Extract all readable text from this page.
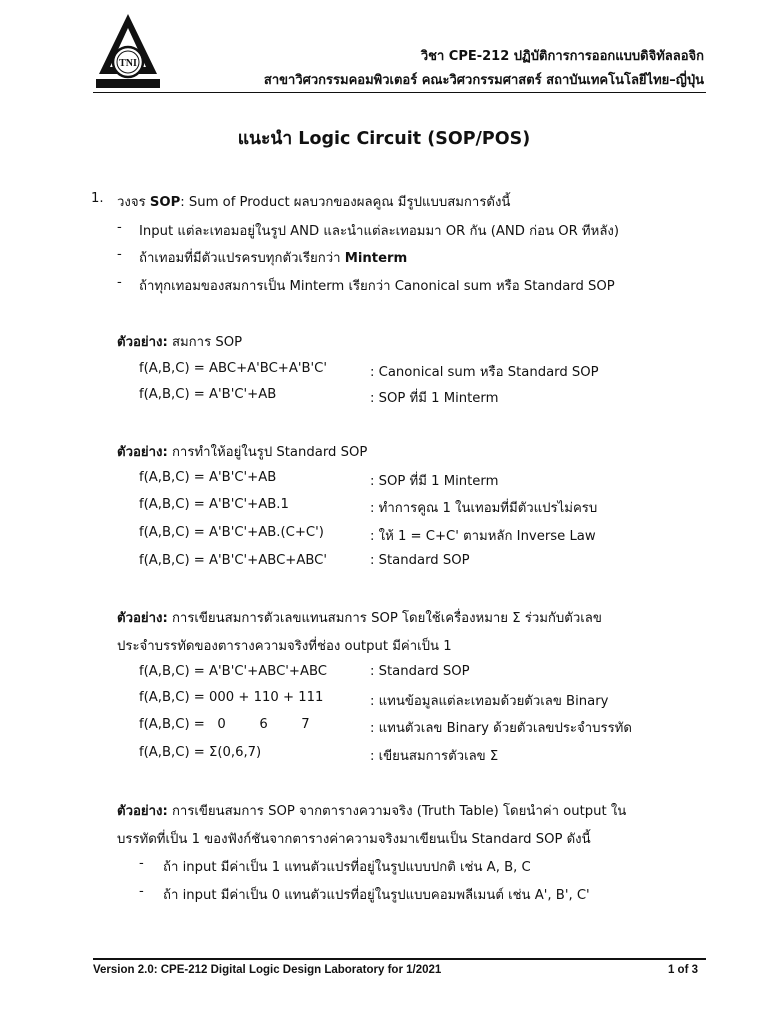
TNI	วิชา CPE-212 ปฏิบัติการการออกแบบดิจิทัลลอจิก
สาขาวิศวกรรมคอมพิวเตอร์ คณะวิศวกรรมศาสตร์ สถาบันเทคโนโลยีไทย–ญี่ปุ่น
แนะนำ Logic Circuit (SOP/POS)
1. วงจร SOP: Sum of Product ผลบวกของผลคูณ มีรูปแบบสมการดังนี้
- Input แต่ละเทอมอยู่ในรูป AND และนำแต่ละเทอมมา OR กัน (AND ก่อน OR ทีหลัง)
- ถ้าเทอมที่มีตัวแปรครบทุกตัวเรียกว่า Minterm
- ถ้าทุกเทอมของสมการเป็น Minterm เรียกว่า Canonical sum หรือ Standard SOP
ตัวอย่าง: สมการ SOP
f(A,B,C) = ABC+A'BC+A'B'C'	: Canonical sum หรือ Standard SOP
f(A,B,C) = A'B'C'+AB	: SOP ที่มี 1 Minterm
ตัวอย่าง: การทำให้อยู่ในรูป Standard SOP
f(A,B,C) = A'B'C'+AB	: SOP ที่มี 1 Minterm
f(A,B,C) = A'B'C'+AB.1	: ทำการคูณ 1 ในเทอมที่มีตัวแปรไม่ครบ
f(A,B,C) = A'B'C'+AB.(C+C')	: ให้ 1 = C+C' ตามหลัก Inverse Law
f(A,B,C) = A'B'C'+ABC+ABC'	: Standard SOP
ตัวอย่าง: การเขียนสมการตัวเลขแทนสมการ SOP โดยใช้เครื่องหมาย Σ ร่วมกับตัวเลข
ประจำบรรทัดของตารางความจริงที่ช่อง output มีค่าเป็น 1
f(A,B,C) = A'B'C'+ABC'+ABC	: Standard SOP
f(A,B,C) = 000 + 110 + 111	: แทนข้อมูลแต่ละเทอมด้วยตัวเลข Binary
f(A,B,C) =   0        6        7	: แทนตัวเลข Binary ด้วยตัวเลขประจำบรรทัด
f(A,B,C) = Σ(0,6,7)	: เขียนสมการตัวเลข Σ
ตัวอย่าง: การเขียนสมการ SOP จากตารางความจริง (Truth Table) โดยนำค่า output ใน
บรรทัดที่เป็น 1 ของฟังก์ชันจากตารางค่าความจริงมาเขียนเป็น Standard SOP ดังนี้
- ถ้า input มีค่าเป็น 1 แทนตัวแปรที่อยู่ในรูปแบบปกติ เช่น A, B, C
- ถ้า input มีค่าเป็น 0 แทนตัวแปรที่อยู่ในรูปแบบคอมพลีเมนต์ เช่น A', B', C'
Version 2.0: CPE-212 Digital Logic Design Laboratory for 1/2021	1 of 3
